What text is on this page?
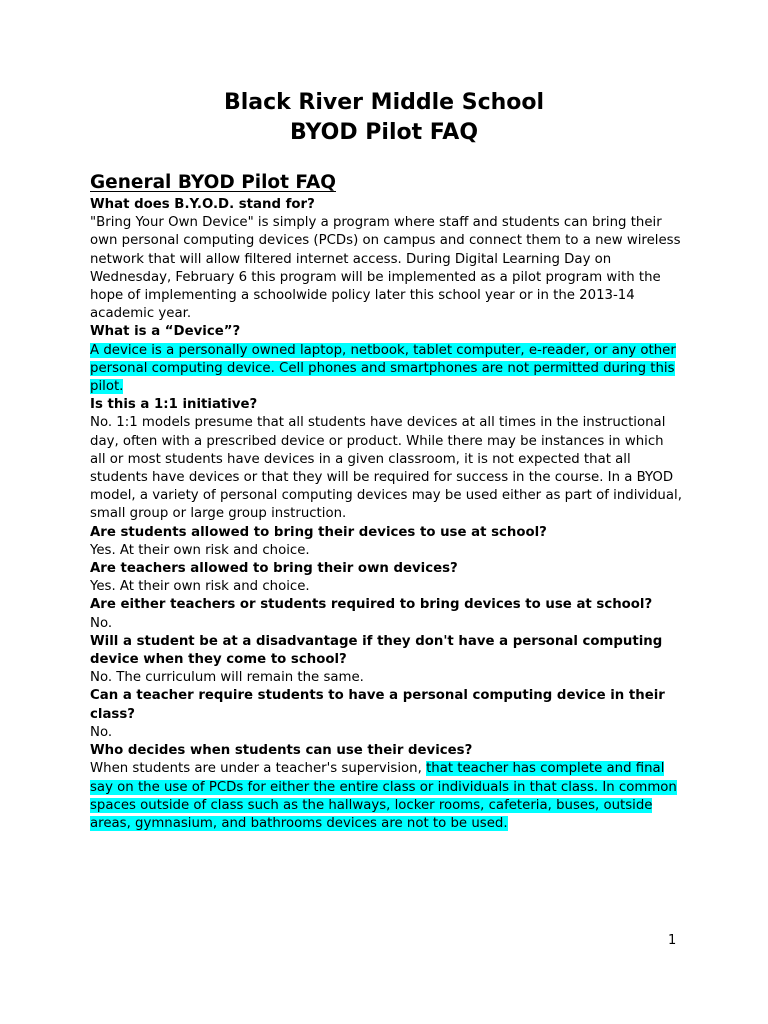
Black River Middle School
BYOD Pilot FAQ
General BYOD Pilot FAQ

What does B.Y.O.D. stand for?

"Bring Your Own Device" is simply a program where staff and students can bring their own personal computing devices (PCDs) on campus and connect them to a new wireless network that will allow filtered internet access. During Digital Learning Day on Wednesday, February 6 this program will be implemented as a pilot program with the hope of implementing a schoolwide policy later this school year or in the 2013-14 academic year.

What is a “Device”?

A device is a personally owned laptop, netbook, tablet computer, e-reader, or any other personal computing device. Cell phones and smartphones are not permitted during this pilot.

Is this a 1:1 initiative?

No. 1:1 models presume that all students have devices at all times in the instructional day, often with a prescribed device or product. While there may be instances in which all or most students have devices in a given classroom, it is not expected that all students have devices or that they will be required for success in the course. In a BYOD model, a variety of personal computing devices may be used either as part of individual, small group or large group instruction.

Are students allowed to bring their devices to use at school?

Yes. At their own risk and choice.

Are teachers allowed to bring their own devices?

Yes. At their own risk and choice.

Are either teachers or students required to bring devices to use at school?

No.

Will a student be at a disadvantage if they don't have a personal computing device when they come to school?

No. The curriculum will remain the same.

Can a teacher require students to have a personal computing device in their class?

No.

Who decides when students can use their devices?

When students are under a teacher's supervision, that teacher has complete and final say on the use of PCDs for either the entire class or individuals in that class. In common spaces outside of class such as the hallways, locker rooms, cafeteria, buses, outside areas, gymnasium, and bathrooms devices are not to be used.

1
